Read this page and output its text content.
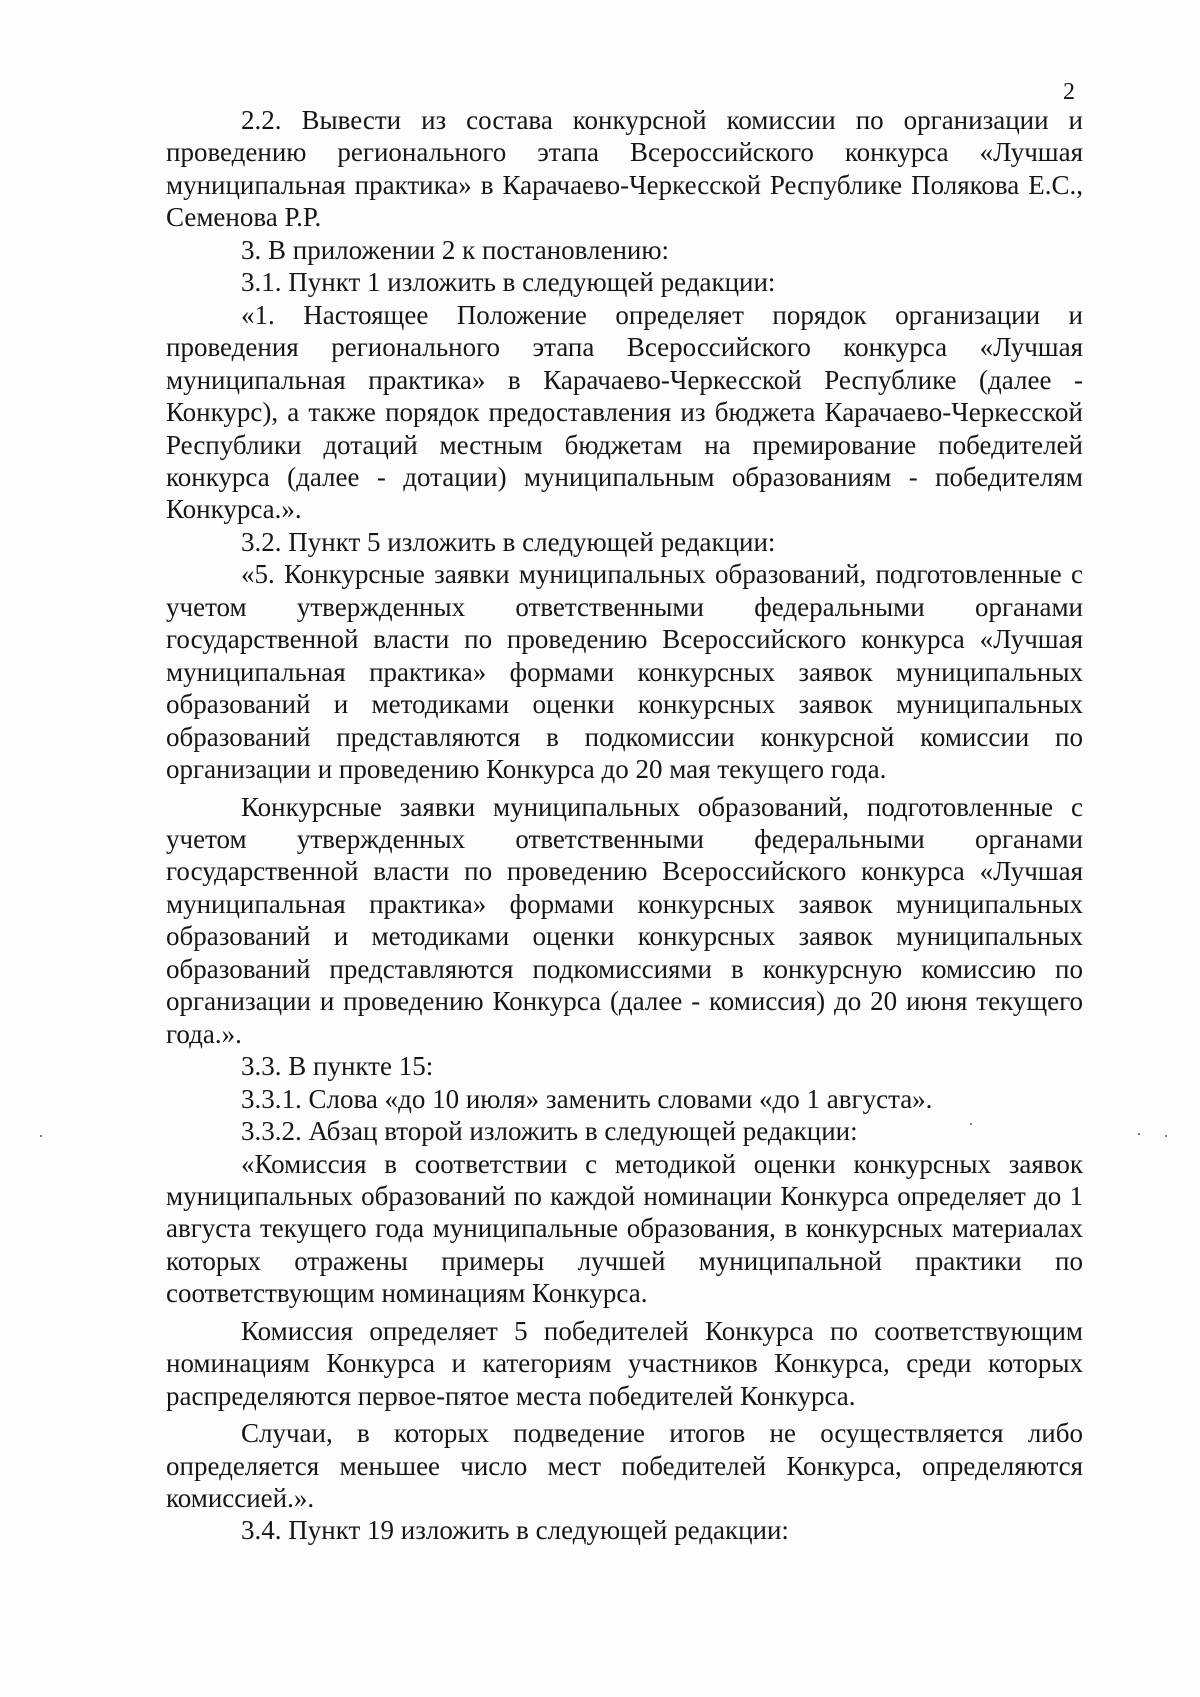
2

2.2. Вывести из состава конкурсной комиссии по организации и проведению регионального этапа Всероссийского конкурса «Лучшая муниципальная практика» в Карачаево-Черкесской Республике Полякова Е.С., Семенова Р.Р.

3. В приложении 2 к постановлению:

3.1. Пункт 1 изложить в следующей редакции:

«1. Настоящее Положение определяет порядок организации и проведения регионального этапа Всероссийского конкурса «Лучшая муниципальная практика» в Карачаево-Черкесской Республике (далее - Конкурс), а также порядок предоставления из бюджета Карачаево-Черкесской Республики дотаций местным бюджетам на премирование победителей конкурса (далее - дотации) муниципальным образованиям - победителям Конкурса.».

3.2. Пункт 5 изложить в следующей редакции:

«5. Конкурсные заявки муниципальных образований, подготовленные с учетом утвержденных ответственными федеральными органами государственной власти по проведению Всероссийского конкурса «Лучшая муниципальная практика» формами конкурсных заявок муниципальных образований и методиками оценки конкурсных заявок муниципальных образований представляются в подкомиссии конкурсной комиссии по организации и проведению Конкурса до 20 мая текущего года.

Конкурсные заявки муниципальных образований, подготовленные с учетом утвержденных ответственными федеральными органами государственной власти по проведению Всероссийского конкурса «Лучшая муниципальная практика» формами конкурсных заявок муниципальных образований и методиками оценки конкурсных заявок муниципальных образований представляются подкомиссиями в конкурсную комиссию по организации и проведению Конкурса (далее - комиссия) до 20 июня текущего года.».

3.3. В пункте 15:

3.3.1. Слова «до 10 июля» заменить словами «до 1 августа».

3.3.2. Абзац второй изложить в следующей редакции:

«Комиссия в соответствии с методикой оценки конкурсных заявок муниципальных образований по каждой номинации Конкурса определяет до 1 августа текущего года муниципальные образования, в конкурсных материалах которых отражены примеры лучшей муниципальной практики по соответствующим номинациям Конкурса.

Комиссия определяет 5 победителей Конкурса по соответствующим номинациям Конкурса и категориям участников Конкурса, среди которых распределяются первое-пятое места победителей Конкурса.

Случаи, в которых подведение итогов не осуществляется либо определяется меньшее число мест победителей Конкурса, определяются комиссией.».

3.4. Пункт 19 изложить в следующей редакции:
